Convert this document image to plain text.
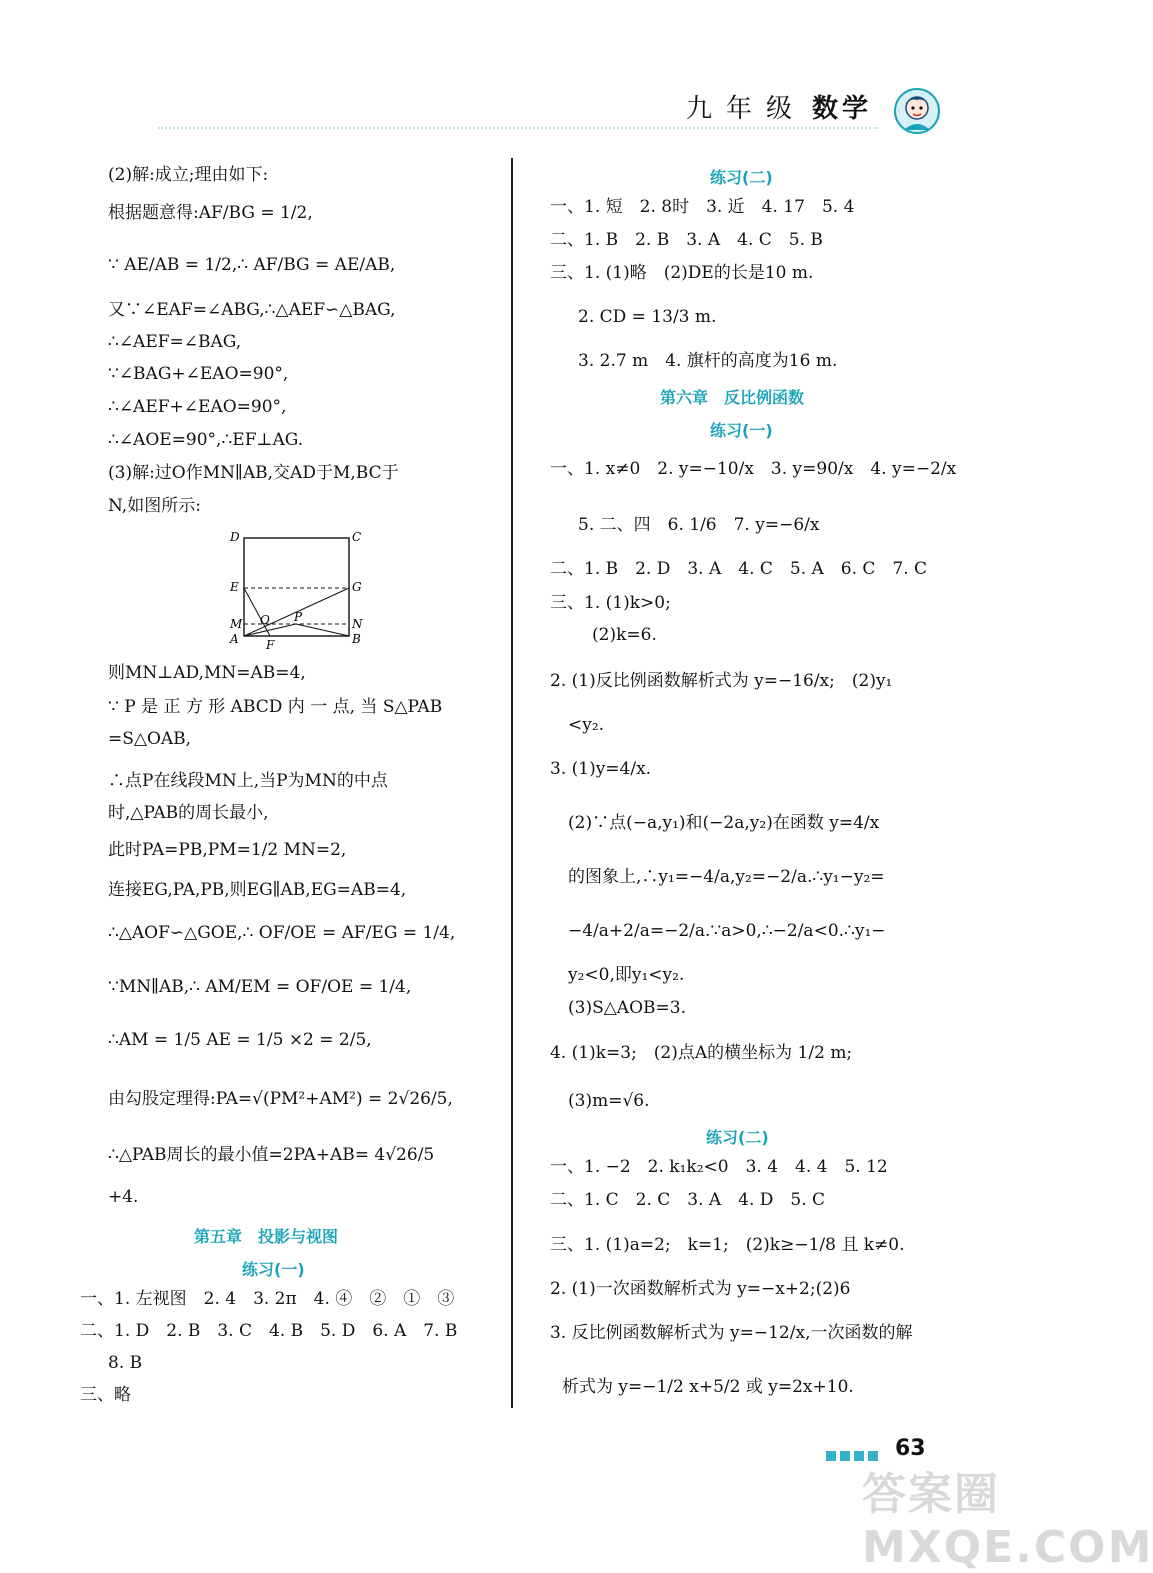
九年级 数学
(2)解:成立;理由如下:
根据题意得:AF/BG = 1/2,
∵ AE/AB = 1/2,∴ AF/BG = AE/AB,
又∵∠EAF=∠ABG,∴△AEF∽△BAG,
∴∠AEF=∠BAG,
∵∠BAG+∠EAO=90°,
∴∠AEF+∠EAO=90°,
∴∠AOE=90°,∴EF⊥AG.
(3)解:过O作MN∥AB,交AD于M,BC于
N,如图所示:
则MN⊥AD,MN=AB=4,
∵ P 是 正 方 形 ABCD 内 一 点, 当 S△PAB
=S△OAB,
∴点P在线段MN上,当P为MN的中点
时,△PAB的周长最小,
此时PA=PB,PM=1/2 MN=2,
连接EG,PA,PB,则EG∥AB,EG=AB=4,
∴△AOF∽△GOE,∴ OF/OE = AF/EG = 1/4,
∵MN∥AB,∴ AM/EM = OF/OE = 1/4,
∴AM = 1/5 AE = 1/5 ×2 = 2/5,
由勾股定理得:PA=√(PM²+AM²) = 2√26/5,
∴△PAB周长的最小值=2PA+AB= 4√26/5
+4.
第五章　投影与视图
练习(一)
一、1. 左视图　2. 4　3. 2π　4. ④　②　①　③
二、1. D　2. B　3. C　4. B　5. D　6. A　7. B
8. B
三、略
D	C
E	G
M O P	N
A F	B
练习(二)
一、1. 短　2. 8时　3. 近　4. 17　5. 4
二、1. B　2. B　3. A　4. C　5. B
三、1. (1)略　(2)DE的长是10 m.
2. CD = 13/3 m.
3. 2.7 m　4. 旗杆的高度为16 m.
第六章　反比例函数
练习(一)
一、1. x≠0　2. y=−10/x　3. y=90/x　4. y=−2/x
5. 二、四　6. 1/6　7. y=−6/x
二、1. B　2. D　3. A　4. C　5. A　6. C　7. C
三、1. (1)k>0;
(2)k=6.
2. (1)反比例函数解析式为 y=−16/x;　(2)y₁
<y₂.
3. (1)y=4/x.
(2)∵点(−a,y₁)和(−2a,y₂)在函数 y=4/x
的图象上,∴y₁=−4/a,y₂=−2/a.∴y₁−y₂=
−4/a+2/a=−2/a.∵a>0,∴−2/a<0.∴y₁−
y₂<0,即y₁<y₂.
(3)S△AOB=3.
4. (1)k=3;　(2)点A的横坐标为 1/2 m;
(3)m=√6.
练习(二)
一、1. −2　2. k₁k₂<0　3. 4　4. 4　5. 12
二、1. C　2. C　3. A　4. D　5. C
三、1. (1)a=2;　k=1;　(2)k≥−1/8 且 k≠0.
2. (1)一次函数解析式为 y=−x+2;(2)6
3. 反比例函数解析式为 y=−12/x,一次函数的解
析式为 y=−1/2 x+5/2 或 y=2x+10.
63
答案圈 MXQE.COM
